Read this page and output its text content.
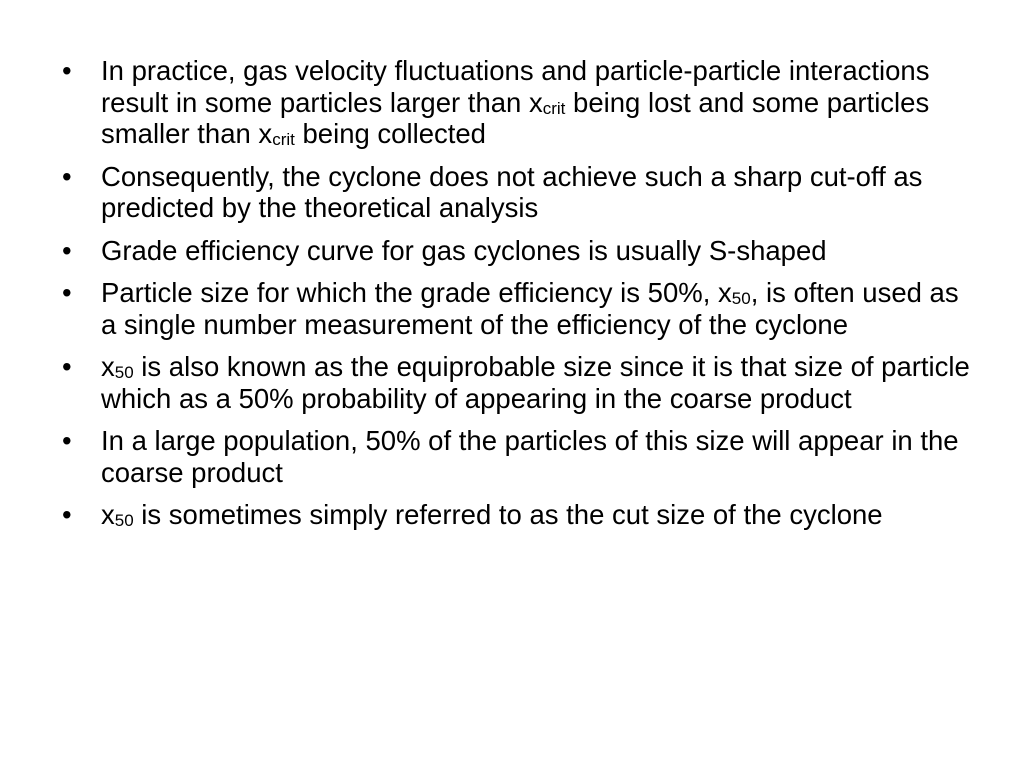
•	In practice, gas velocity fluctuations and particle-particle interactions result in some particles larger than $x_{crit}$ being lost and some particles smaller than $x_{crit}$ being collected
•	Consequently, the cyclone does not achieve such a sharp cut-off as predicted by the theoretical analysis
•	Grade efficiency curve for gas cyclones is usually S-shaped
•	Particle size for which the grade efficiency is 50%, $x_{50}$, is often used as a single number measurement of the efficiency of the cyclone
•	$x_{50}$ is also known as the equiprobable size since it is that size of particle which as a 50% probability of appearing in the coarse product
•	In a large population, 50% of the particles of this size will appear in the coarse product
•	$x_{50}$ is sometimes simply referred to as the cut size of the cyclone
